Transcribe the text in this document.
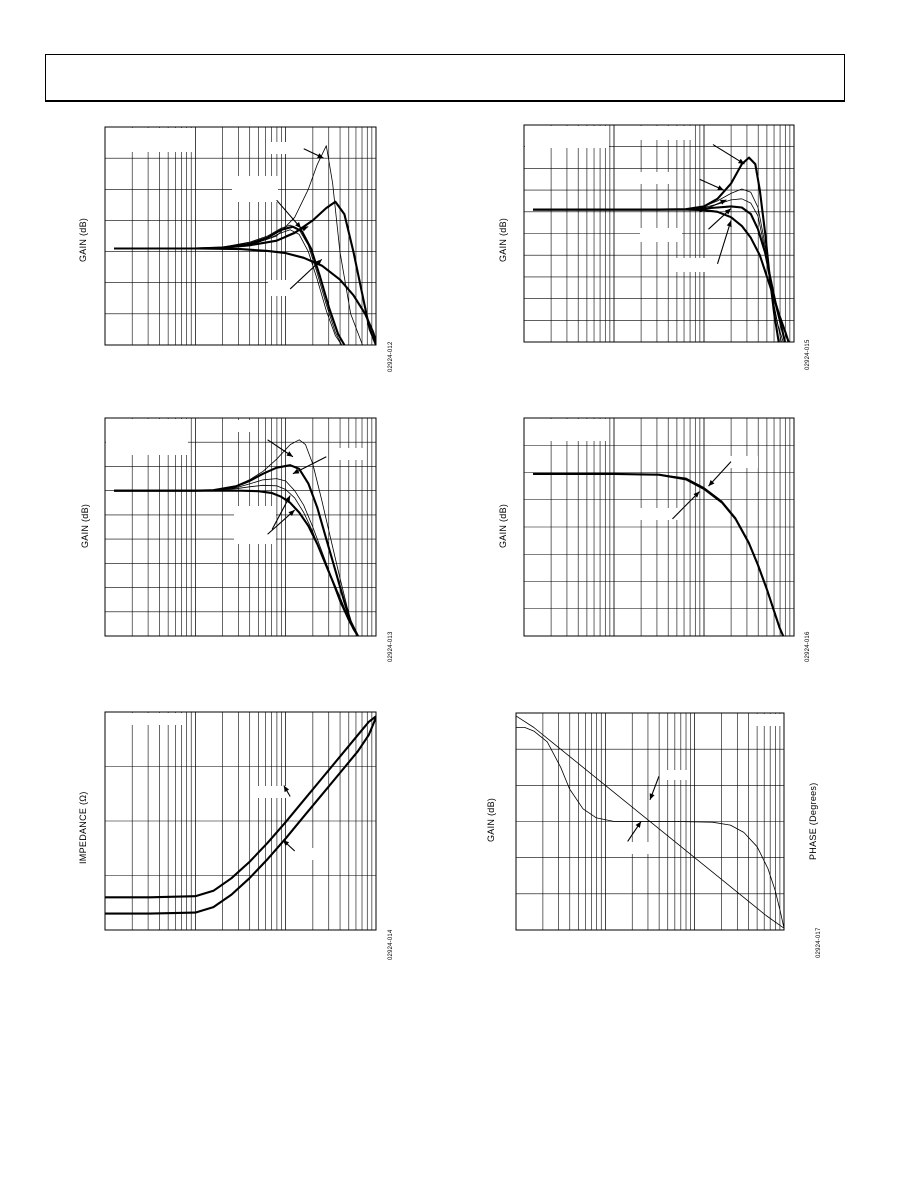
GAIN (dB)
02924-012
GAIN (dB)
02924-015
GAIN (dB)
02924-013
GAIN (dB)
02924-016
IMPEDANCE (Ω)
02924-014
GAIN (dB)	PHASE (Degrees)
02924-017
